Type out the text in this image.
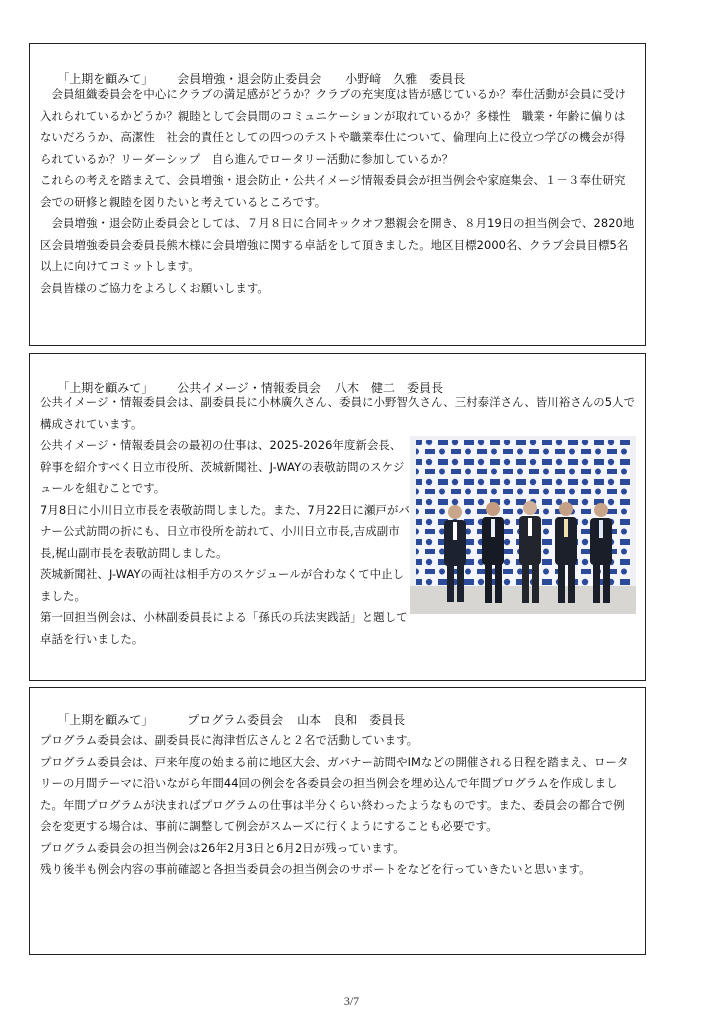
「上期を顧みて」 会員増強・退会防止委員会 小野﨑　久雅　委員長

　会員組織委員会を中心にクラブの満足感がどうか？クラブの充実度は皆が感じているか？奉仕活動が会員に受け入れられているかどうか？親睦として会員間のコミュニケーションが取れているか？多様性　職業・年齢に偏りはないだろうか、高潔性　社会的責任としての四つのテストや職業奉仕について、倫理向上に役立つ学びの機会が得られているか？リーダーシップ　自ら進んでロータリー活動に参加しているか？

これらの考えを踏まえて、会員増強・退会防止・公共イメージ情報委員会が担当例会や家庭集会、１－３奉仕研究会での研修と親睦を図りたいと考えているところです。

　会員増強・退会防止委員会としては、７月８日に合同キックオフ懇親会を開き、８月19日の担当例会で、2820地区会員増強委員会委員長熊木様に会員増強に関する卓話をして頂きました。地区目標2000名、クラブ会員目標5名以上に向けてコミットします。

会員皆様のご協力をよろしくお願いします。

「上期を顧みて」 公共イメージ・情報委員会 八木　健二　委員長

公共イメージ・情報委員会は、副委員長に小林廣久さん、委員に小野智久さん、三村泰洋さん、皆川裕さんの5人で構成されています。

公共イメージ・情報委員会の最初の仕事は、2025-2026年度新会長、幹事を紹介すべく日立市役所、茨城新聞社、J-WAYの表敬訪問のスケジュールを組むことです。

7月8日に小川日立市長を表敬訪問しました。また、7月22日に瀬戸がバナー公式訪問の折にも、日立市役所を訪れて、小川日立市長,吉成副市長,梶山副市長を表敬訪問しました。

茨城新聞社、J-WAYの両社は相手方のスケジュールが合わなくて中止しました。

第一回担当例会は、小林副委員長による「孫氏の兵法実践話」と題して卓話を行いました。

日立市

「上期を顧みて」	プログラム委員会 山本　良和　委員長

プログラム委員会は、副委員長に海津哲広さんと２名で活動しています。

プログラム委員会は、戸来年度の始まる前に地区大会、ガバナー訪問やIMなどの開催される日程を踏まえ、ロータリーの月間テーマに沿いながら年間44回の例会を各委員会の担当例会を埋め込んで年間プログラムを作成しました。年間プログラムが決まればプログラムの仕事は半分くらい終わったようなものです。また、委員会の都合で例会を変更する場合は、事前に調整して例会がスムーズに行くようにすることも必要です。

プログラム委員会の担当例会は26年2月3日と6月2日が残っています。

残り後半も例会内容の事前確認と各担当委員会の担当例会のサポートをなどを行っていきたいと思います。

3/7
